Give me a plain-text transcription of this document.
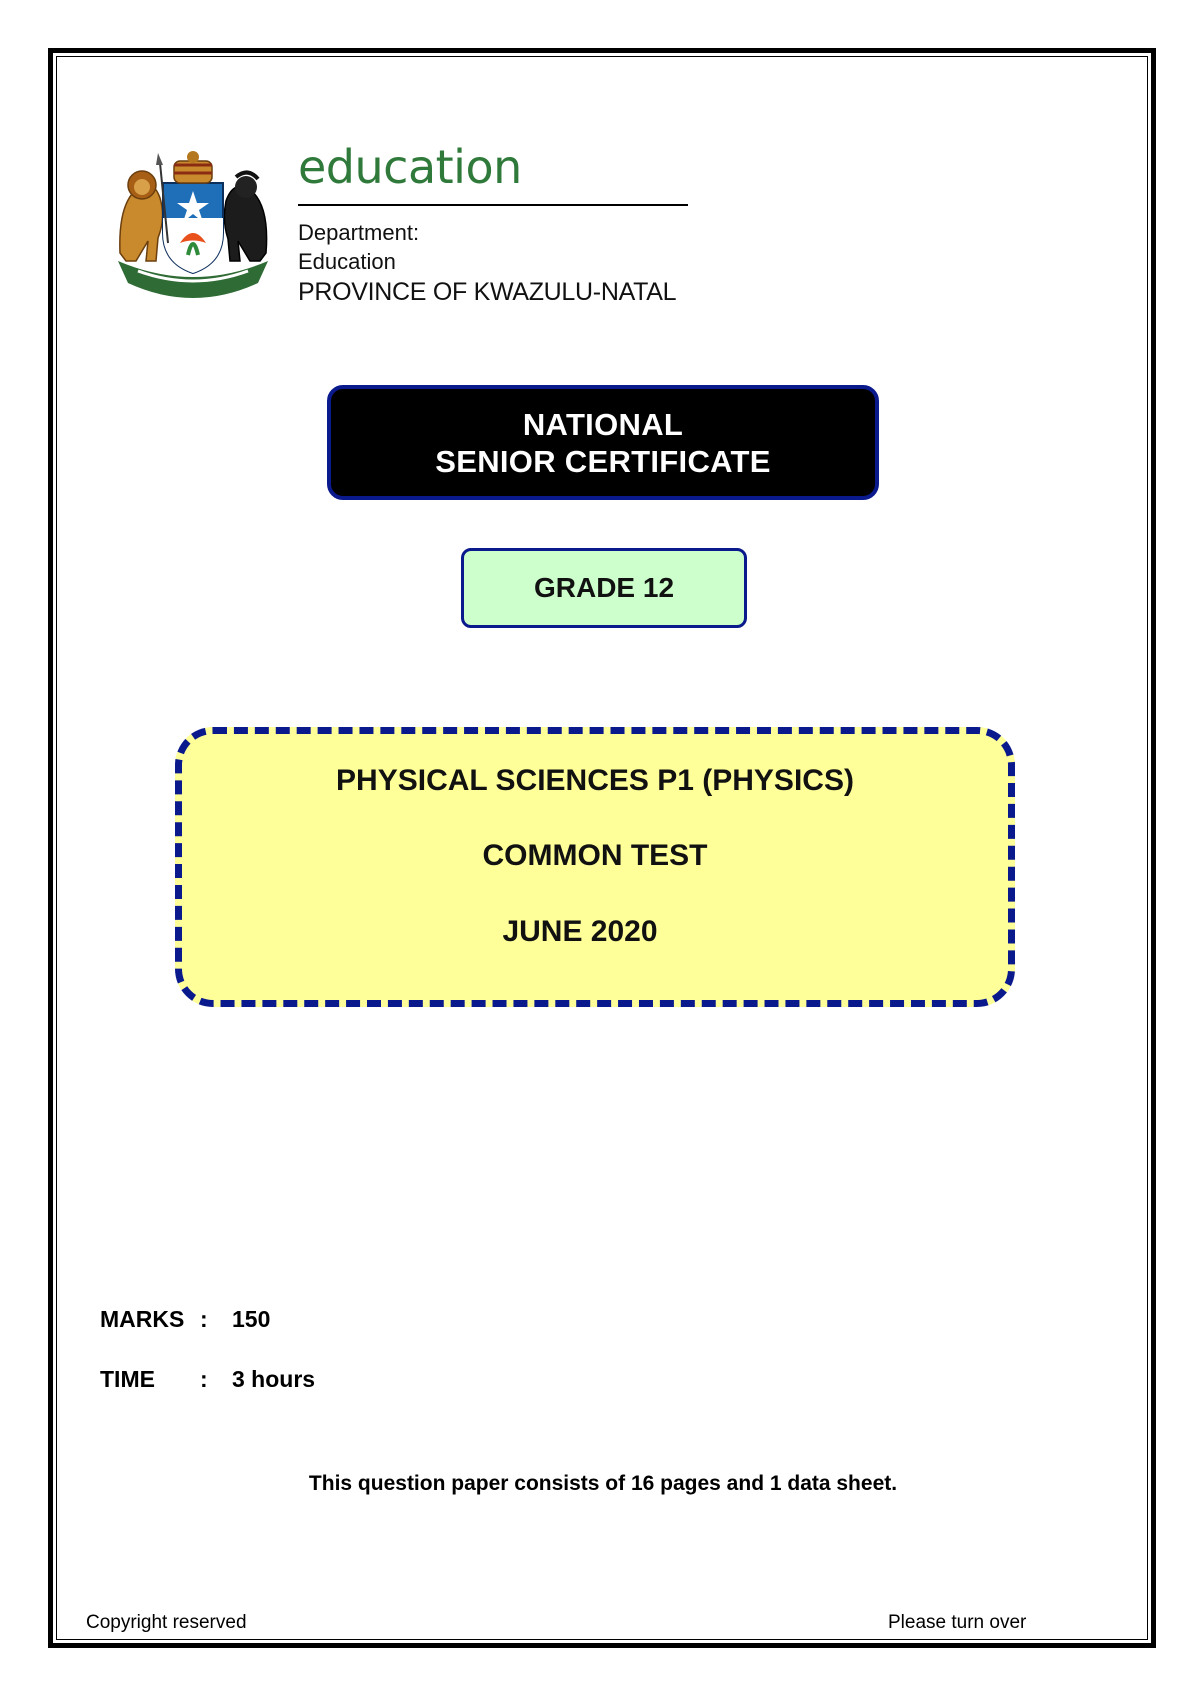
education
Department:
Education
PROVINCE OF KWAZULU-NATAL
NATIONAL
SENIOR CERTIFICATE
GRADE 12
PHYSICAL SCIENCES P1 (PHYSICS)
COMMON TEST
JUNE 2020
MARKS : 150
TIME : 3 hours
This question paper consists of 16 pages and 1 data sheet.
Copyright reserved	Please turn over
